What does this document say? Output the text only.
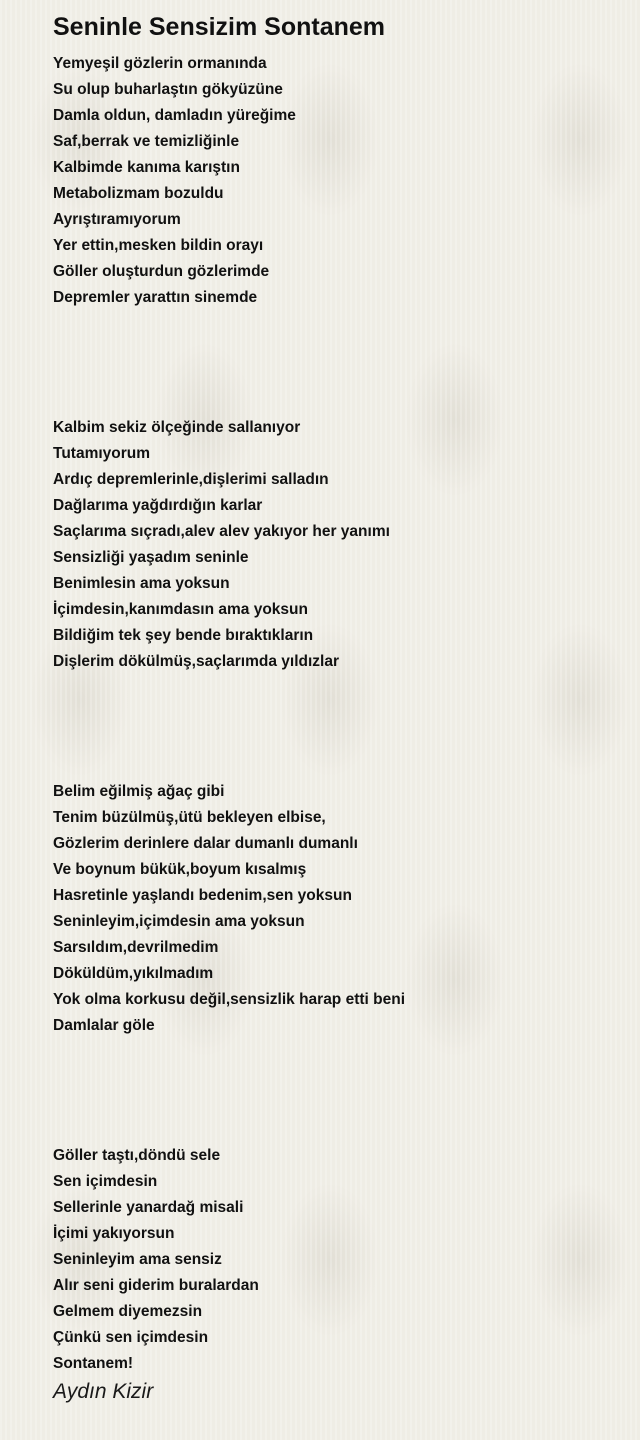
Seninle Sensizim Sontanem
Yemyeşil gözlerin ormanında
Su olup buharlaştın gökyüzüne
Damla oldun, damladın yüreğime
Saf,berrak ve temizliğinle
Kalbimde kanıma karıştın
Metabolizmam bozuldu
Ayrıştıramıyorum
Yer ettin,mesken bildin orayı
Göller oluşturdun gözlerimde
Depremler yarattın sinemde
Kalbim sekiz ölçeğinde sallanıyor
Tutamıyorum
Ardıç depremlerinle,dişlerimi salladın
Dağlarıma yağdırdığın karlar
Saçlarıma sıçradı,alev alev yakıyor her yanımı
Sensizliği yaşadım seninle
Benimlesin ama yoksun
İçimdesin,kanımdasın ama yoksun
Bildiğim tek şey bende bıraktıkların
Dişlerim dökülmüş,saçlarımda yıldızlar
Belim eğilmiş ağaç gibi
Tenim büzülmüş,ütü bekleyen elbise,
Gözlerim derinlere dalar dumanlı dumanlı
Ve boynum bükük,boyum kısalmış
Hasretinle yaşlandı bedenim,sen yoksun
Seninleyim,içimdesin ama yoksun
Sarsıldım,devrilmedim
Döküldüm,yıkılmadım
Yok olma korkusu değil,sensizlik harap etti beni
Damlalar göle
Göller taştı,döndü sele
Sen içimdesin
Sellerinle yanardağ misali
İçimi yakıyorsun
Seninleyim ama sensiz
Alır seni giderim buralardan
Gelmem diyemezsin
Çünkü sen içimdesin
Sontanem!
Aydın Kizir
